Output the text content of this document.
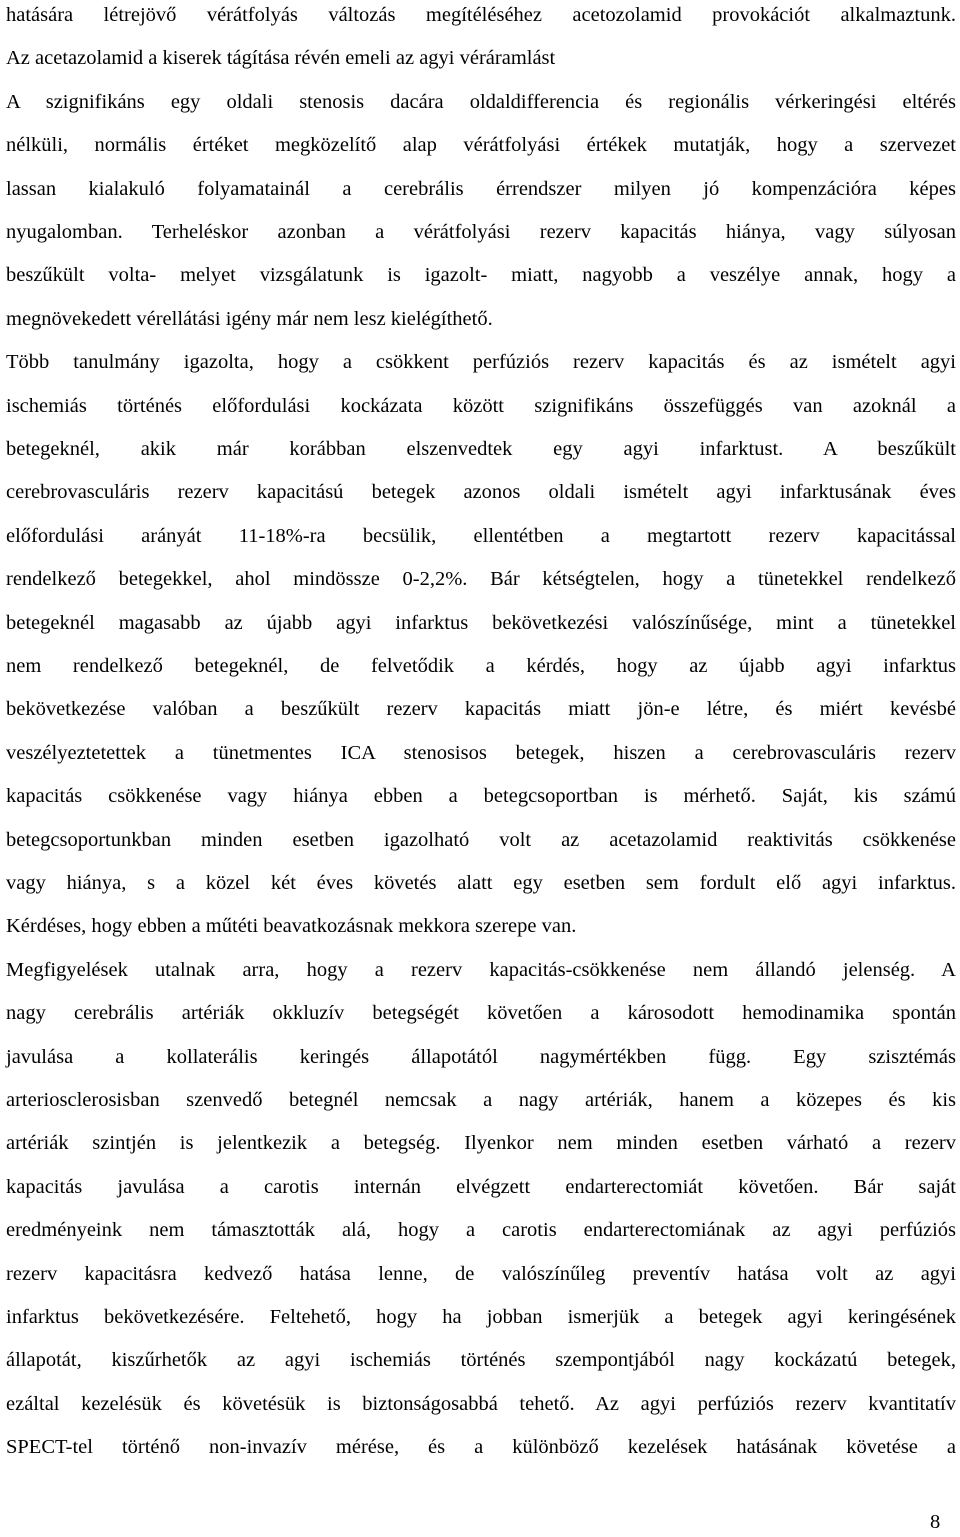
hatására létrejövő vérátfolyás változás megítéléséhez acetozolamid provokációt alkalmaztunk.
Az acetazolamid a kiserek tágítása révén emeli az agyi véráramlást
A szignifikáns egy oldali stenosis dacára oldaldifferencia és regionális vérkeringési eltérés
nélküli, normális értéket megközelítő alap vérátfolyási értékek mutatják, hogy a szervezet
lassan kialakuló folyamatainál a cerebrális érrendszer milyen jó kompenzációra képes
nyugalomban. Terheléskor azonban a vérátfolyási rezerv kapacitás hiánya, vagy súlyosan
beszűkült volta- melyet vizsgálatunk is igazolt- miatt, nagyobb a veszélye annak, hogy a
megnövekedett vérellátási igény már nem lesz kielégíthető.
Több tanulmány igazolta, hogy a csökkent perfúziós rezerv kapacitás és az ismételt agyi
ischemiás történés előfordulási kockázata között szignifikáns összefüggés van azoknál a
betegeknél, akik már korábban elszenvedtek egy agyi infarktust. A beszűkült
cerebrovasculáris rezerv kapacitású betegek azonos oldali ismételt agyi infarktusának éves
előfordulási arányát 11-18%-ra becsülik, ellentétben a megtartott rezerv kapacitással
rendelkező betegekkel, ahol mindössze 0-2,2%. Bár kétségtelen, hogy a tünetekkel rendelkező
betegeknél magasabb az újabb agyi infarktus bekövetkezési valószínűsége, mint a tünetekkel
nem rendelkező betegeknél, de felvetődik a kérdés, hogy az újabb agyi infarktus
bekövetkezése valóban a beszűkült rezerv kapacitás miatt jön-e létre, és miért kevésbé
veszélyeztetettek a tünetmentes ICA stenosisos betegek, hiszen a cerebrovasculáris rezerv
kapacitás csökkenése vagy hiánya ebben a betegcsoportban is mérhető. Saját, kis számú
betegcsoportunkban minden esetben igazolható volt az acetazolamid reaktivitás csökkenése
vagy hiánya, s a közel két éves követés alatt egy esetben sem fordult elő agyi infarktus.
Kérdéses, hogy ebben a műtéti beavatkozásnak mekkora szerepe van.
Megfigyelések utalnak arra, hogy a rezerv kapacitás-csökkenése nem állandó jelenség. A
nagy cerebrális artériák okkluzív betegségét követően a károsodott hemodinamika spontán
javulása a kollaterális keringés állapotától nagymértékben függ. Egy szisztémás
arteriosclerosisban szenvedő betegnél nemcsak a nagy artériák, hanem a közepes és kis
artériák szintjén is jelentkezik a betegség. Ilyenkor nem minden esetben várható a rezerv
kapacitás javulása a carotis internán elvégzett endarterectomiát követően. Bár saját
eredményeink nem támasztották alá, hogy a carotis endarterectomiának az agyi perfúziós
rezerv kapacitásra kedvező hatása lenne, de valószínűleg preventív hatása volt az agyi
infarktus bekövetkezésére. Feltehető, hogy ha jobban ismerjük a betegek agyi keringésének
állapotát, kiszűrhetők az agyi ischemiás történés szempontjából nagy kockázatú betegek,
ezáltal kezelésük és követésük is biztonságosabbá tehető. Az agyi perfúziós rezerv kvantitatív
SPECT-tel történő non-invazív mérése, és a különböző kezelések hatásának követése a
8
